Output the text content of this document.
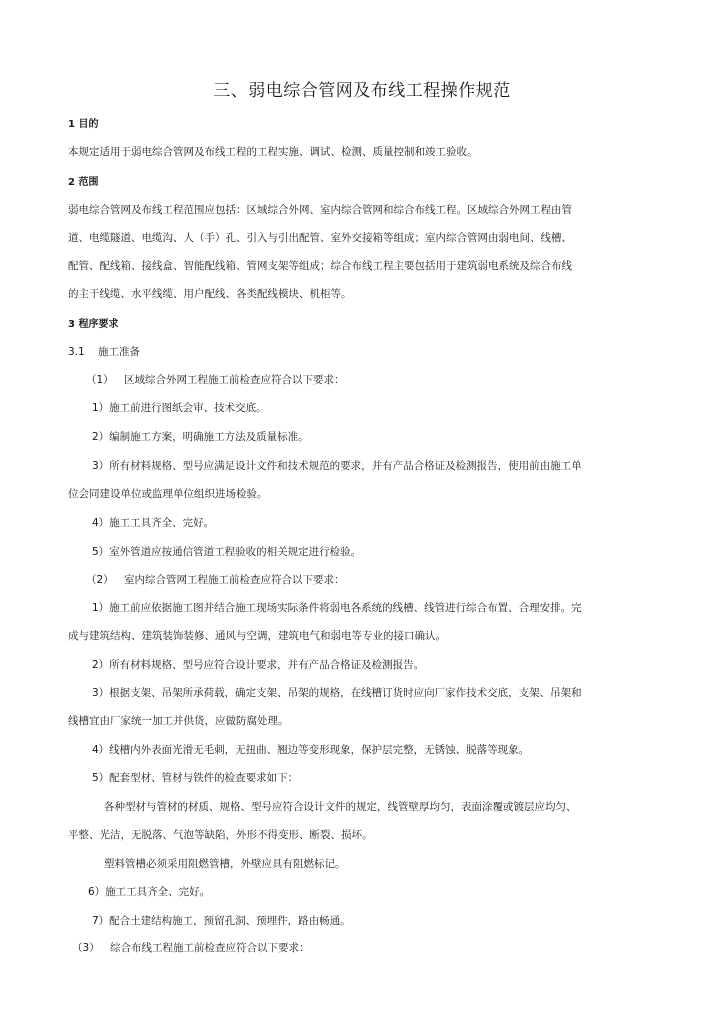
三、弱电综合管网及布线工程操作规范
1 目的
本规定适用于弱电综合管网及布线工程的工程实施、调试、检测、质量控制和竣工验收。
2 范围
弱电综合管网及布线工程范围应包括：区域综合外网、室内综合管网和综合布线工程。区域综合外网工程由管
道、电缆隧道、电缆沟、人（手）孔、引入与引出配管、室外交接箱等组成；室内综合管网由弱电间、线槽、
配管、配线箱、接线盒、智能配线箱、管网支架等组成；综合布线工程主要包括用于建筑弱电系统及综合布线
的主干线缆、水平线缆、用户配线、各类配线模块、机柜等。
3 程序要求
3.1 施工准备
（1） 区域综合外网工程施工前检查应符合以下要求：
1）施工前进行图纸会审、技术交底。
2）编制施工方案，明确施工方法及质量标准。
3）所有材料规格、型号应满足设计文件和技术规范的要求，并有产品合格证及检测报告，使用前由施工单
位会同建设单位或监理单位组织进场检验。
4）施工工具齐全、完好。
5）室外管道应按通信管道工程验收的相关规定进行检验。
（2） 室内综合管网工程施工前检查应符合以下要求：
1）施工前应依据施工图并结合施工现场实际条件将弱电各系统的线槽、线管进行综合布置、合理安排。完
成与建筑结构、建筑装饰装修、通风与空调，建筑电气和弱电等专业的接口确认。
2）所有材料规格、型号应符合设计要求，并有产品合格证及检测报告。
3）根据支架、吊架所承荷载，确定支架、吊架的规格，在线槽订货时应向厂家作技术交底，支架、吊架和
线槽宜由厂家统一加工并供货，应做防腐处理。
4）线槽内外表面光滑无毛刺，无扭曲、翘边等变形现象，保护层完整，无锈蚀、脱落等现象。
5）配套型材、管材与铁件的检查要求如下：
各种型材与管材的材质、规格、型号应符合设计文件的规定，线管壁厚均匀，表面涂覆或镀层应均匀、
平整、光洁，无脱落、气泡等缺陷，外形不得变形、断裂、损坏。
塑料管槽必须采用阻燃管槽，外壁应具有阻燃标记。
6）施工工具齐全、完好。
7）配合土建结构施工，预留孔洞、预埋件，路由畅通。
（3） 综合布线工程施工前检查应符合以下要求：
